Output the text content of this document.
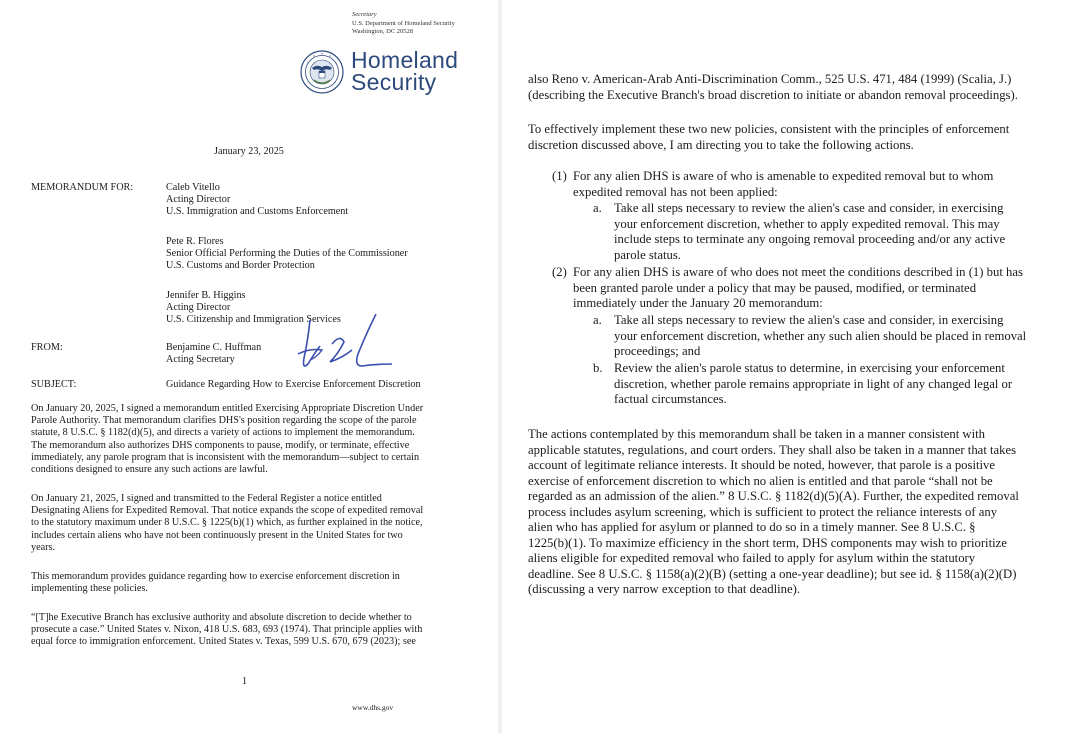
Secretary
U.S. Department of Homeland Security
Washington, DC 20528
Homeland
Security
January 23, 2025
MEMORANDUM FOR:	Caleb Vitello
Acting Director
U.S. Immigration and Customs Enforcement
Pete R. Flores
Senior Official Performing the Duties of the Commissioner
U.S. Customs and Border Protection
Jennifer B. Higgins
Acting Director
U.S. Citizenship and Immigration Services
FROM:	Benjamine C. Huffman
Acting Secretary
SUBJECT:	Guidance Regarding How to Exercise Enforcement Discretion
On January 20, 2025, I signed a memorandum entitled Exercising Appropriate Discretion Under
Parole Authority. That memorandum clarifies DHS's position regarding the scope of the parole
statute, 8 U.S.C. § 1182(d)(5), and directs a variety of actions to implement the memorandum.
The memorandum also authorizes DHS components to pause, modify, or terminate, effective
immediately, any parole program that is inconsistent with the memorandum—subject to certain
conditions designed to ensure any such actions are lawful.
On January 21, 2025, I signed and transmitted to the Federal Register a notice entitled
Designating Aliens for Expedited Removal. That notice expands the scope of expedited removal
to the statutory maximum under 8 U.S.C. § 1225(b)(1) which, as further explained in the notice,
includes certain aliens who have not been continuously present in the United States for two
years.
This memorandum provides guidance regarding how to exercise enforcement discretion in
implementing these policies.
“[T]he Executive Branch has exclusive authority and absolute discretion to decide whether to
prosecute a case.” United States v. Nixon, 418 U.S. 683, 693 (1974). That principle applies with
equal force to immigration enforcement. United States v. Texas, 599 U.S. 670, 679 (2023); see
1
www.dhs.gov
also Reno v. American-Arab Anti-Discrimination Comm., 525 U.S. 471, 484 (1999) (Scalia, J.)
(describing the Executive Branch's broad discretion to initiate or abandon removal proceedings).
To effectively implement these two new policies, consistent with the principles of enforcement
discretion discussed above, I am directing you to take the following actions.
(1) For any alien DHS is aware of who is amenable to expedited removal but to whom
expedited removal has not been applied:
a. Take all steps necessary to review the alien's case and consider, in exercising
your enforcement discretion, whether to apply expedited removal. This may
include steps to terminate any ongoing removal proceeding and/or any active
parole status.
(2) For any alien DHS is aware of who does not meet the conditions described in (1) but has
been granted parole under a policy that may be paused, modified, or terminated
immediately under the January 20 memorandum:
a. Take all steps necessary to review the alien's case and consider, in exercising
your enforcement discretion, whether any such alien should be placed in removal
proceedings; and
b. Review the alien's parole status to determine, in exercising your enforcement
discretion, whether parole remains appropriate in light of any changed legal or
factual circumstances.
The actions contemplated by this memorandum shall be taken in a manner consistent with
applicable statutes, regulations, and court orders. They shall also be taken in a manner that takes
account of legitimate reliance interests. It should be noted, however, that parole is a positive
exercise of enforcement discretion to which no alien is entitled and that parole “shall not be
regarded as an admission of the alien.” 8 U.S.C. § 1182(d)(5)(A). Further, the expedited removal
process includes asylum screening, which is sufficient to protect the reliance interests of any
alien who has applied for asylum or planned to do so in a timely manner. See 8 U.S.C. §
1225(b)(1). To maximize efficiency in the short term, DHS components may wish to prioritize
aliens eligible for expedited removal who failed to apply for asylum within the statutory
deadline. See 8 U.S.C. § 1158(a)(2)(B) (setting a one-year deadline); but see id. § 1158(a)(2)(D)
(discussing a very narrow exception to that deadline).
